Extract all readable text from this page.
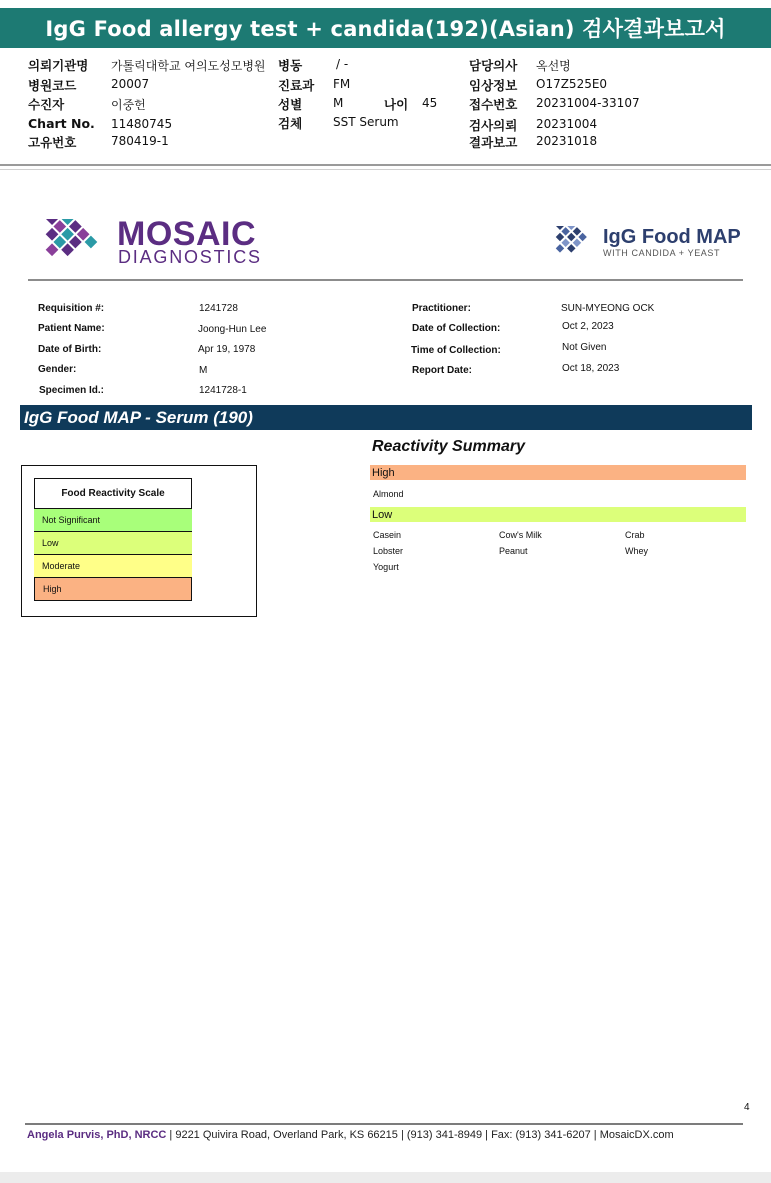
IgG Food allergy test + candida(192)(Asian) 검사결과보고서
의뢰기관명 가톨릭대학교 여의도성모병원
병원코드	20007
수진자	이중헌
Chart No. 11480745
고유번호	780419-1
병동	/ -
진료과 FM
성별	M	나이 45
검체	SST Serum
담당의사 옥선명
임상정보 O17Z525E0
접수번호 20231004-33107
검사의뢰 20231004
결과보고 20231018
MOSAIC
DIAGNOSTICS
IgG Food MAP
WITH CANDIDA + YEAST
Requisition #:	1241728
Patient Name:	Joong-Hun Lee
Date of Birth:	Apr 19, 1978
Gender:	M
Specimen Id.:	1241728-1
Practitioner:	SUN-MYEONG OCK
Date of Collection:	Oct 2, 2023
Time of Collection:	Not Given
Report Date:	Oct 18, 2023
IgG Food MAP - Serum (190)
Food Reactivity Scale
Not Significant
Low
Moderate
High
Reactivity Summary
High
Almond
Low
Casein	Cow's Milk	Crab
Lobster	Peanut	Whey
Yogurt
4
Angela Purvis, PhD, NRCC | 9221 Quivira Road, Overland Park, KS 66215 | (913) 341-8949 | Fax: (913) 341-6207 | MosaicDX.com
